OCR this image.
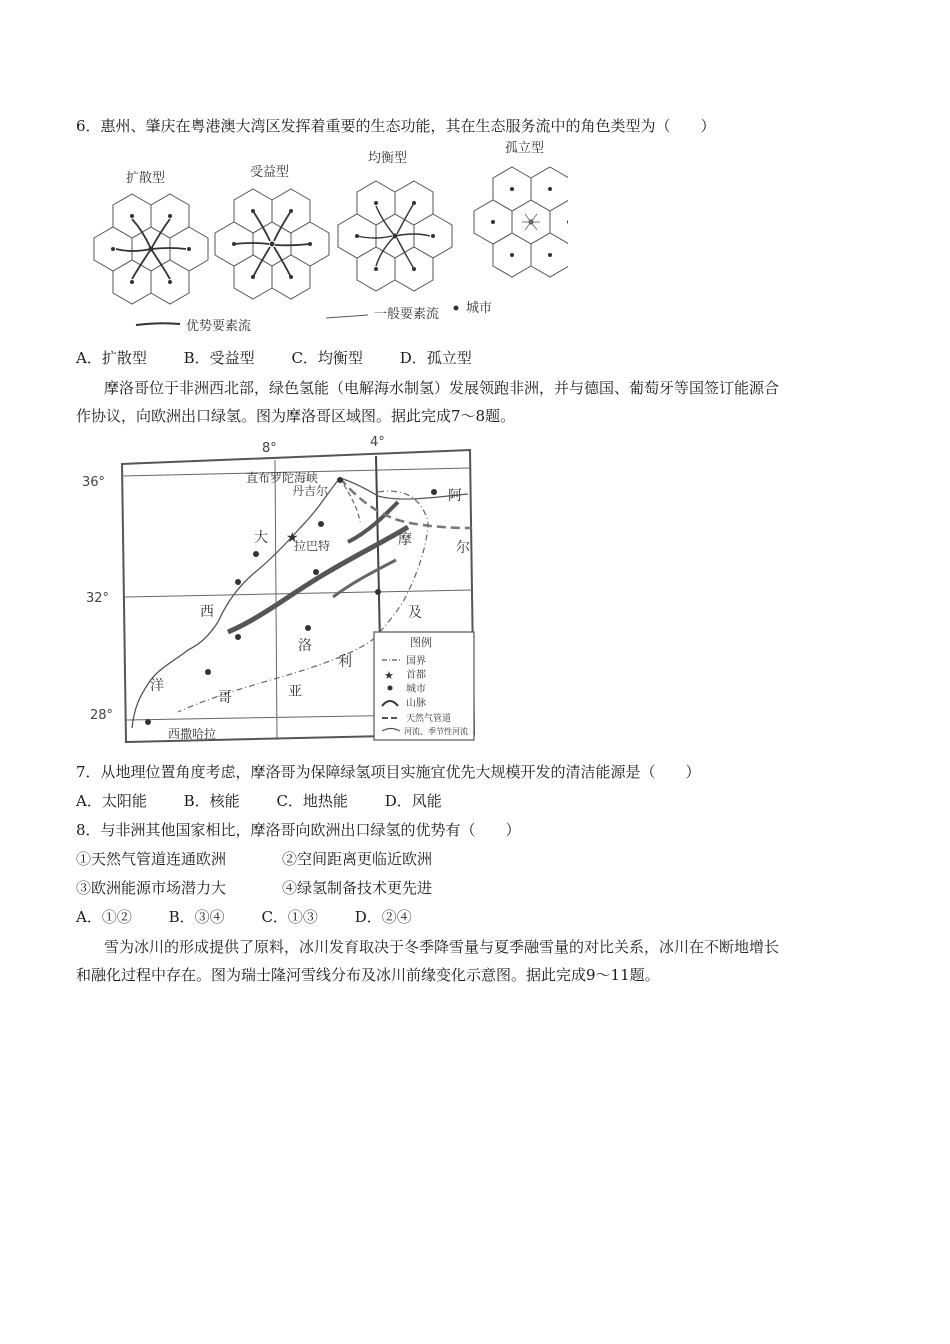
6．惠州、肇庆在粤港澳大湾区发挥着重要的生态功能，其在生态服务流中的角色类型为（　　）
扩散型	受益型
均衡型
孤立型
优势要素流
一般要素流 城市
A．扩散型 B．受益型 C．均衡型 D．孤立型
摩洛哥位于非洲西北部，绿色氢能（电解海水制氢）发展领跑非洲，并与德国、葡萄牙等国签订能源合
作协议，向欧洲出口绿氢。图为摩洛哥区域图。据此完成7～8题。
8°	4°
36°
32°
28°
★
直布罗陀海峡
丹吉尔
拉巴特
大
西
洋
摩
洛
哥
阿
尔
及
利
亚
西撒哈拉
图例
国界
★ 首都
城市
山脉
天然气管道
河流、季节性河流
7．从地理位置角度考虑，摩洛哥为保障绿氢项目实施宜优先大规模开发的清洁能源是（　　）
A．太阳能 B．核能 C．地热能 D．风能
8．与非洲其他国家相比，摩洛哥向欧洲出口绿氢的优势有（　　）
①天然气管道连通欧洲	②空间距离更临近欧洲
③欧洲能源市场潜力大	④绿氢制备技术更先进
A．①② B．③④ C．①③ D．②④
雪为冰川的形成提供了原料，冰川发育取决于冬季降雪量与夏季融雪量的对比关系，冰川在不断地增长
和融化过程中存在。图为瑞士隆河雪线分布及冰川前缘变化示意图。据此完成9～11题。
